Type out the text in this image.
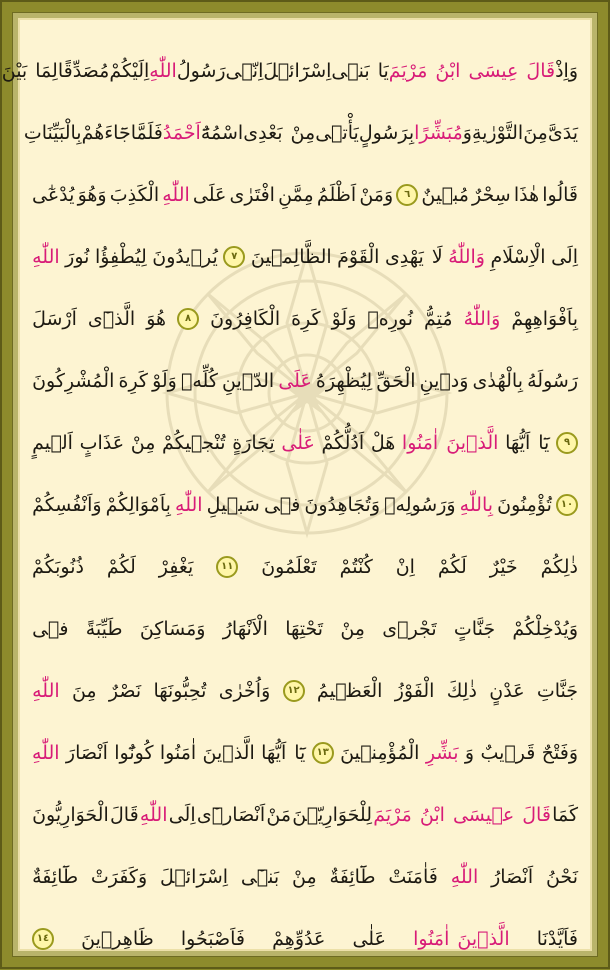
وَاِذْ
قَالَ عِيسَى ابْنُ مَرْيَمَ
يَا بَنٖى
اِسْرَٓائٖلَ
اِنّٖى
رَسُولُ
اللّٰهِ
اِلَيْكُمْ
مُصَدِّقًا
لِمَا بَيْنَ
يَدَىَّ
مِنَ
التَّوْرٰيةِ
وَ
مُبَشِّرًا
بِرَسُولٍ
يَأْتٖى
مِنْ بَعْدِى
اسْمُهُٓ
اَحْمَدُ
فَلَمَّا
جَٓاءَهُمْ
بِالْبَيِّنَاتِ
قَالُوا
هٰذَا
سِحْرٌ
مُبٖينٌ
٦
وَمَنْ
اَظْلَمُ
مِمَّنِ
افْتَرٰى
عَلَى
اللّٰهِ
الْكَذِبَ
وَهُوَ
يُدْعٰٓى
اِلَى
الْاِسْلَامِ
وَاللّٰهُ
لَا يَهْدِى
الْقَوْمَ
الظَّالِمٖينَ
٧
يُرٖيدُونَ
لِيُطْفِؤُا
نُورَ
اللّٰهِ
بِاَفْوَاهِهِمْ
وَاللّٰهُ
مُتِمُّ
نُورِهٖ
وَلَوْ
كَرِهَ
الْكَافِرُونَ
٨
هُوَ
الَّذٖٓى
اَرْسَلَ
رَسُولَهُ
بِالْهُدٰى
وَدٖينِ
الْحَقِّ
لِيُظْهِرَهُ
عَلَى
الدّٖينِ
كُلِّهٖ
وَلَوْ
كَرِهَ
الْمُشْرِكُونَ
٩
يَٓا اَيُّهَا
الَّذٖينَ اٰمَنُوا
هَلْ
اَدُلُّكُمْ
عَلٰى
تِجَارَةٍ
تُنْجٖيكُمْ
مِنْ
عَذَابٍ
اَلٖيمٍ
١٠
تُؤْمِنُونَ
بِاللّٰهِ
وَرَسُولِهٖ
وَتُجَاهِدُونَ
فٖى
سَبٖيلِ
اللّٰهِ
بِاَمْوَالِكُمْ
وَاَنْفُسِكُمْ
ذٰلِكُمْ
خَيْرٌ
لَكُمْ
اِنْ
كُنْتُمْ
تَعْلَمُونَ
١١
يَغْفِرْ
لَكُمْ
ذُنُوبَكُمْ
وَيُدْخِلْكُمْ
جَنَّاتٍ
تَجْرٖى
مِنْ
تَحْتِهَا
الْاَنْهَارُ
وَمَسَاكِنَ
طَيِّبَةً
فٖى
جَنَّاتِ
عَدْنٍ
ذٰلِكَ
الْفَوْزُ
الْعَظٖيمُ
١٢
وَاُخْرٰى
تُحِبُّونَهَا
نَصْرٌ
مِنَ
اللّٰهِ
وَفَتْحٌ
قَرٖيبٌ
وَ
بَشِّرِ
الْمُؤْمِنٖينَ
١٣
يَٓا اَيُّهَا
الَّذٖينَ
اٰمَنُوا
كُونُٓوا
اَنْصَارَ
اللّٰهِ
كَمَا
قَالَ عٖيسَى ابْنُ مَرْيَمَ
لِلْحَوَارِيّٖنَ
مَنْ
اَنْصَارٖٓى
اِلَى
اللّٰهِ
قَالَ
الْحَوَارِيُّونَ
نَحْنُ
اَنْصَارُ
اللّٰهِ
فَاٰمَنَتْ
طَٓائِفَةٌ
مِنْ
بَنٖٓى
اِسْرَٓائٖلَ
وَكَفَرَتْ
طَٓائِفَةٌ
فَاَيَّدْنَا
الَّذٖينَ اٰمَنُوا
عَلٰى
عَدُوِّهِمْ
فَاَصْبَحُوا
ظَاهِرٖينَ
١٤
